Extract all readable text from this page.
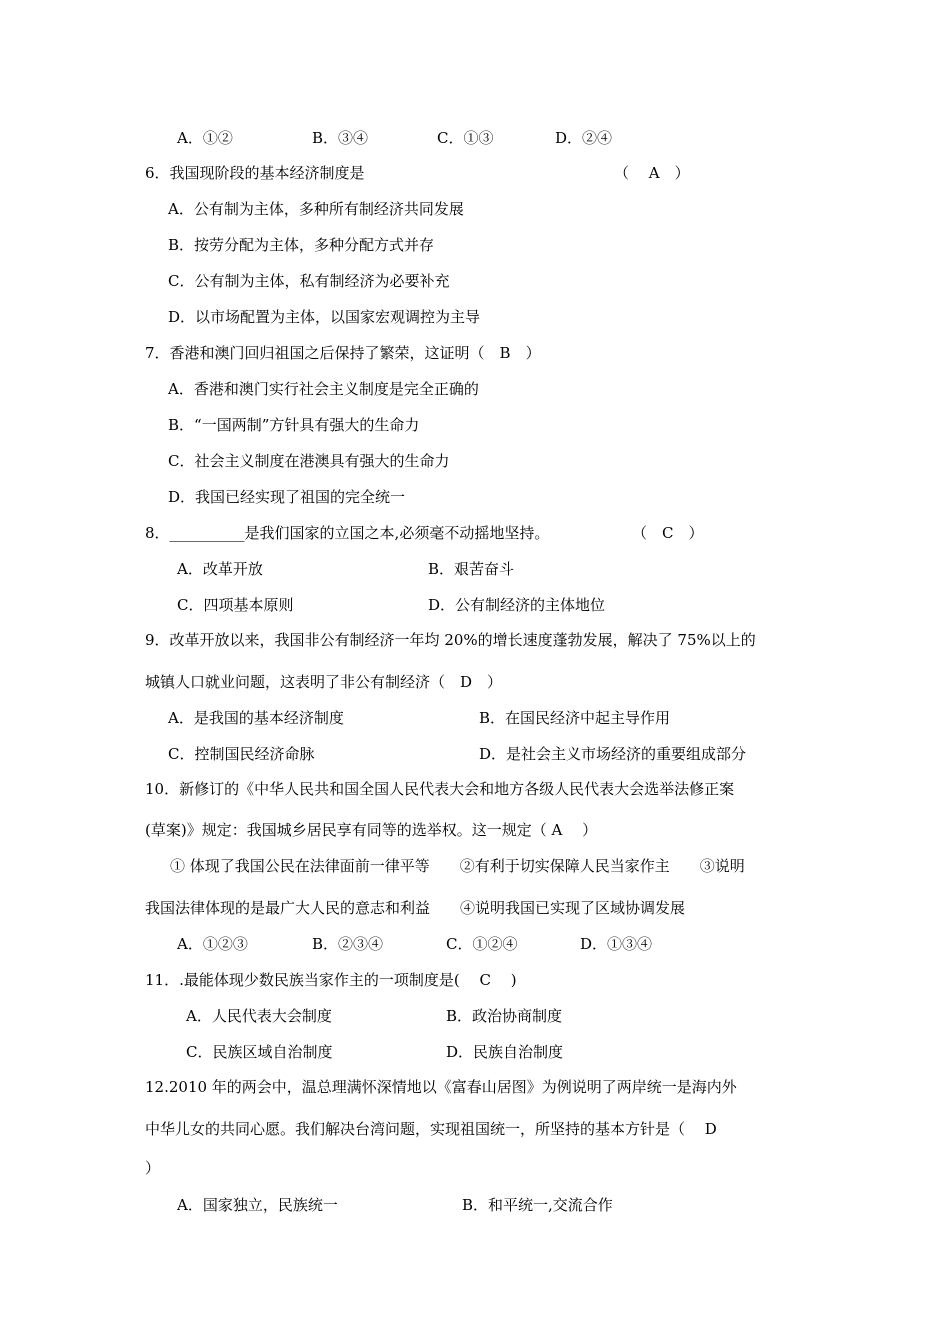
A．①②	B．③④	C．①③	D．②④
6．我国现阶段的基本经济制度是	（　 A　）
A．公有制为主体，多种所有制经济共同发展
B．按劳分配为主体，多种分配方式并存
C．公有制为主体，私有制经济为必要补充
D．以市场配置为主体，以国家宏观调控为主导
7．香港和澳门回归祖国之后保持了繁荣，这证明（　B　）
A．香港和澳门实行社会主义制度是完全正确的
B．“一国两制”方针具有强大的生命力
C．社会主义制度在港澳具有强大的生命力
D．我国已经实现了祖国的完全统一
8．__________是我们国家的立国之本,必须毫不动摇地坚持。	（　C　）
A．改革开放	B．艰苦奋斗
C．四项基本原则	D．公有制经济的主体地位
9．改革开放以来，我国非公有制经济一年均 20%的增长速度蓬勃发展，解决了 75%以上的
城镇人口就业问题，这表明了非公有制经济（　D　）
A．是我国的基本经济制度	B．在国民经济中起主导作用
C．控制国民经济命脉	D．是社会主义市场经济的重要组成部分
10．新修订的《中华人民共和国全国人民代表大会和地方各级人民代表大会选举法修正案
(草案)》规定：我国城乡居民享有同等的选举权。这一规定（ A　 ）
① 体现了我国公民在法律面前一律平等　　②有利于切实保障人民当家作主　　③说明
我国法律体现的是最广大人民的意志和利益　　④说明我国已实现了区域协调发展
A．①②③	B．②③④	C．①②④	D．①③④
11．.最能体现少数民族当家作主的一项制度是(　 C　 )
A．人民代表大会制度	B．政治协商制度
C．民族区域自治制度	D．民族自治制度
12.2010 年的两会中，温总理满怀深情地以《富春山居图》为例说明了两岸统一是海内外
中华儿女的共同心愿。我们解决台湾问题，实现祖国统一，所坚持的基本方针是（　 D
）
A．国家独立，民族统一	B．和平统一,交流合作
